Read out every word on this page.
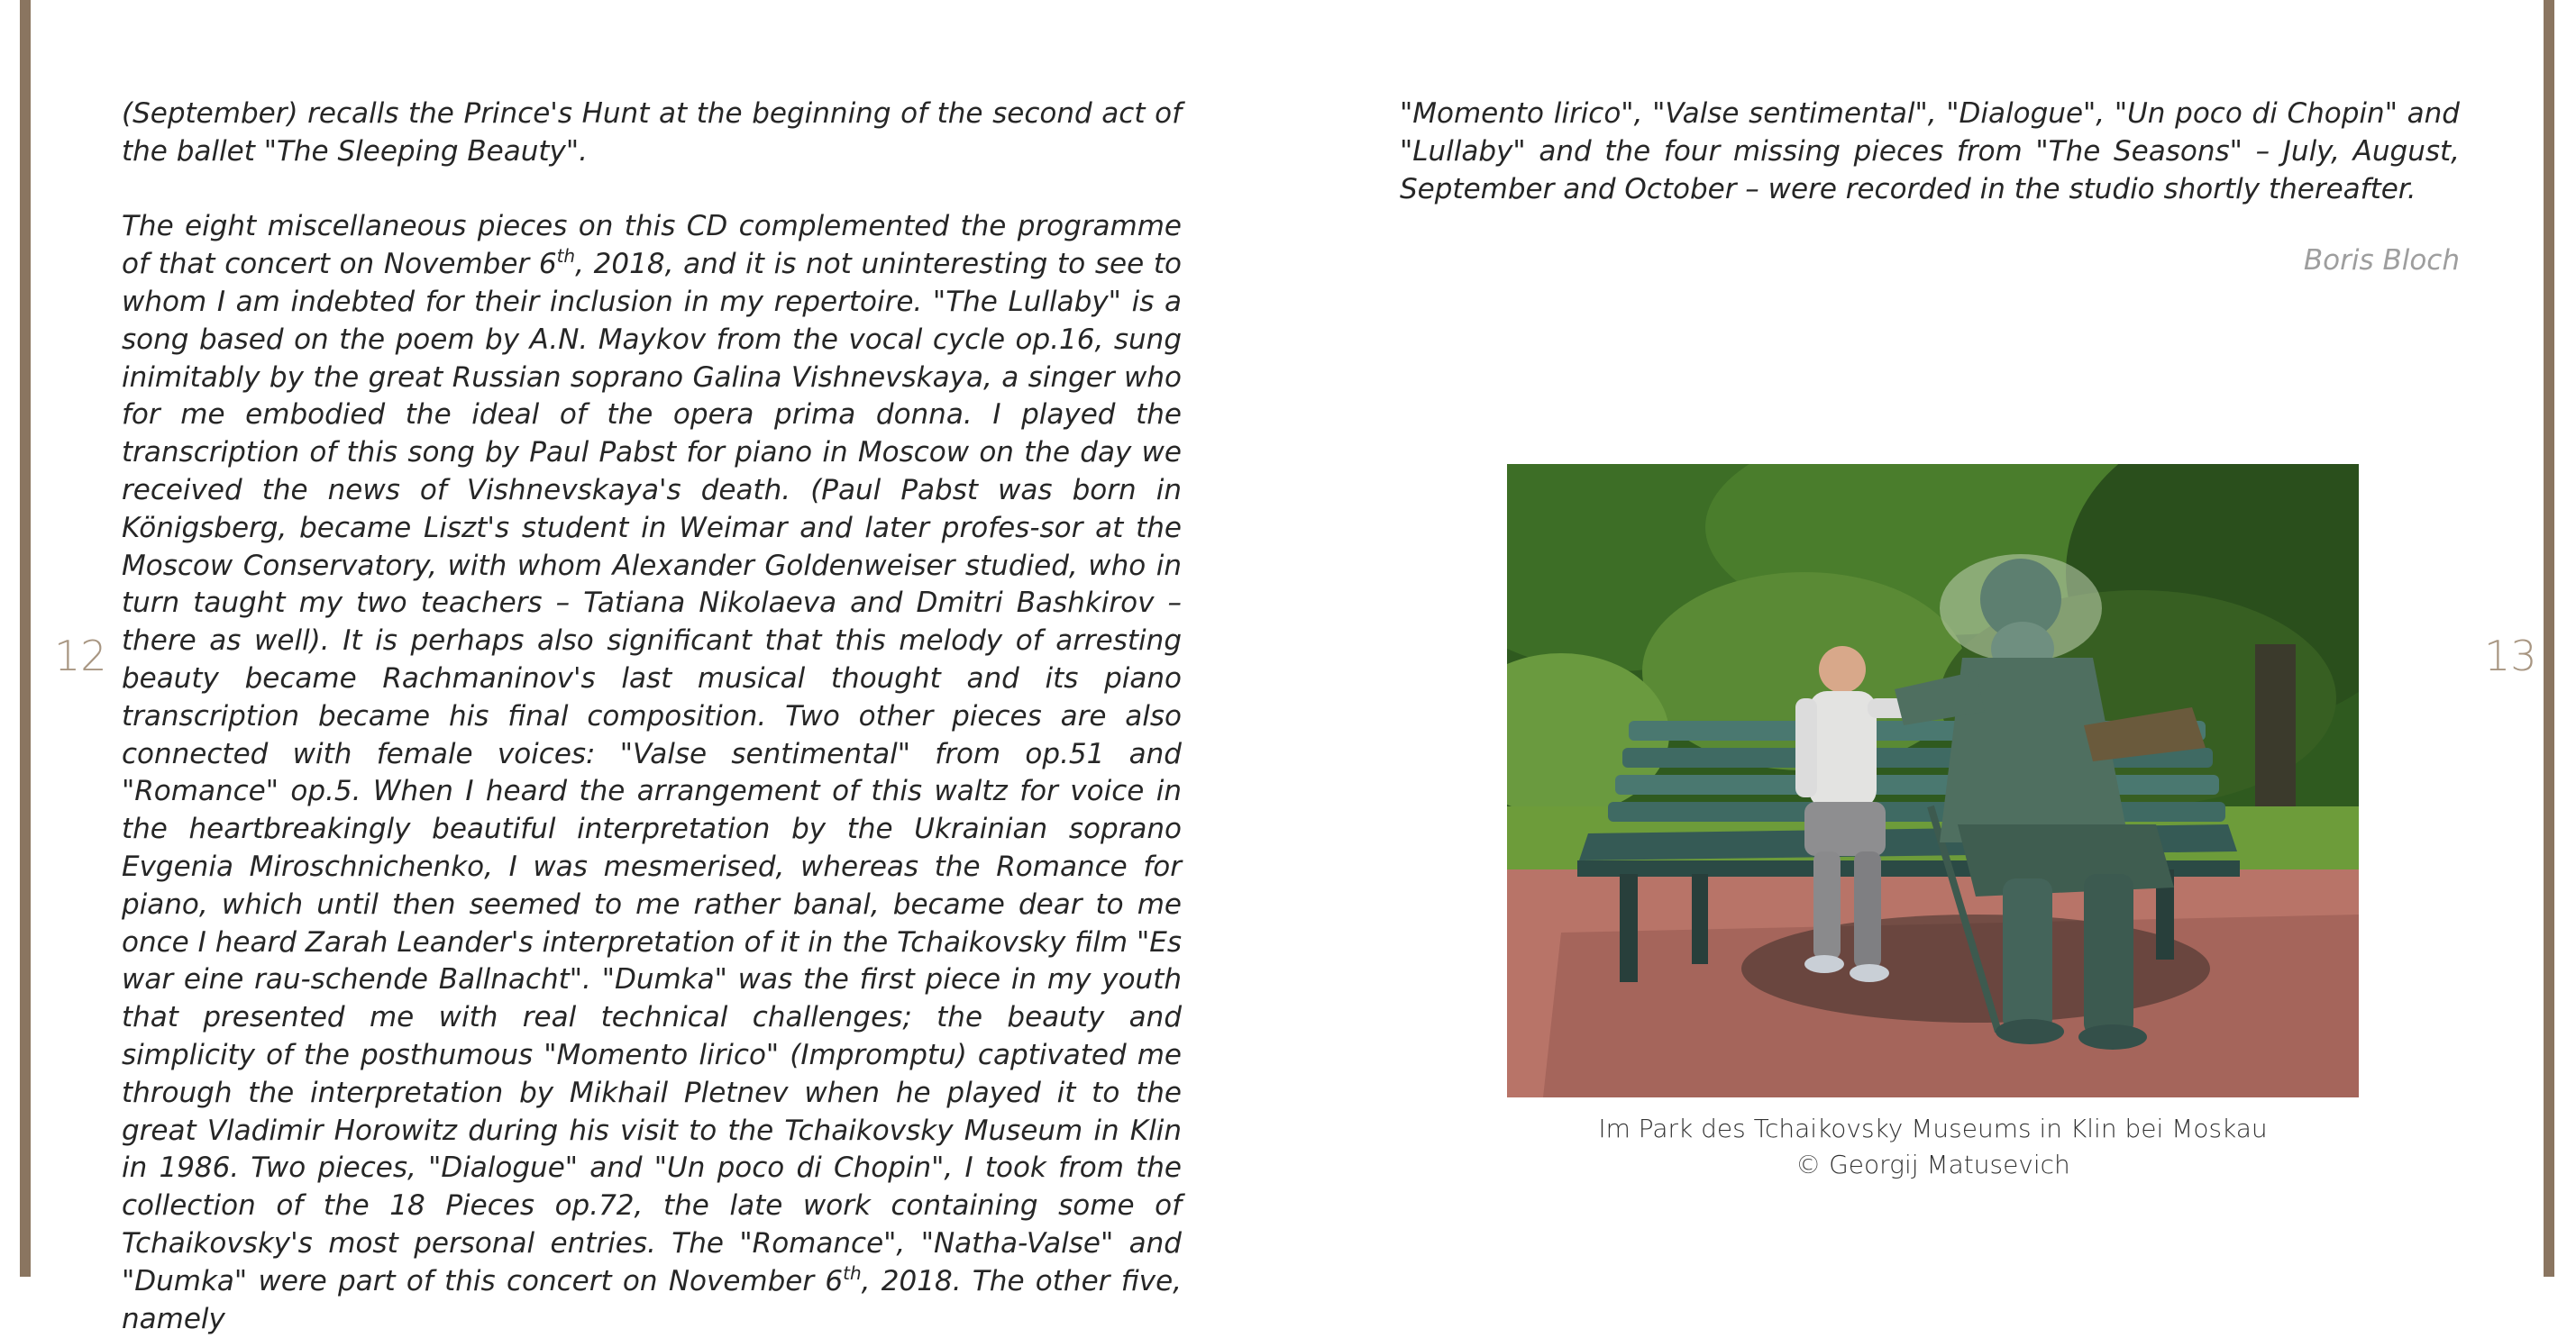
12	13

(September) recalls the Prince's Hunt at the beginning of the second act of the ballet "The Sleeping Beauty".

The eight miscellaneous pieces on this CD complemented the programme of that concert on November 6th, 2018, and it is not uninteresting to see to whom I am indebted for their inclusion in my repertoire. "The Lullaby" is a song based on the poem by A.N. Maykov from the vocal cycle op.16, sung inimitably by the great Russian soprano Galina Vishnevskaya, a singer who for me embodied the ideal of the opera prima donna. I played the transcription of this song by Paul Pabst for piano in Moscow on the day we received the news of Vishnevskaya's death. (Paul Pabst was born in Königsberg, became Liszt's student in Weimar and later profes-sor at the Moscow Conservatory, with whom Alexander Goldenweiser studied, who in turn taught my two teachers – Tatiana Nikolaeva and Dmitri Bashkirov – there as well). It is perhaps also significant that this melody of arresting beauty became Rachmaninov's last musical thought and its piano transcription became his final composition. Two other pieces are also connected with female voices: "Valse sentimental" from op.51 and "Romance" op.5. When I heard the arrangement of this waltz for voice in the heartbreakingly beautiful interpretation by the Ukrainian soprano Evgenia Miroschnichenko, I was mesmerised, whereas the Romance for piano, which until then seemed to me rather banal, became dear to me once I heard Zarah Leander's interpretation of it in the Tchaikovsky film "Es war eine rau-schende Ballnacht". "Dumka" was the first piece in my youth that presented me with real technical challenges; the beauty and simplicity of the posthumous "Momento lirico" (Impromptu) captivated me through the interpretation by Mikhail Pletnev when he played it to the great Vladimir Horowitz during his visit to the Tchaikovsky Museum in Klin in 1986. Two pieces, "Dialogue" and "Un poco di Chopin", I took from the collection of the 18 Pieces op.72, the late work containing some of Tchaikovsky's most personal entries. The "Romance", "Natha-Valse" and "Dumka" were part of this concert on November 6th, 2018. The other five, namely

"Momento lirico", "Valse sentimental", "Dialogue", "Un poco di Chopin" and "Lullaby" and the four missing pieces from "The Seasons" – July, August, September and October – were recorded in the studio shortly thereafter.

Boris Bloch
Im Park des Tchaikovsky Museums in Klin bei Moskau
© Georgij Matusevich
